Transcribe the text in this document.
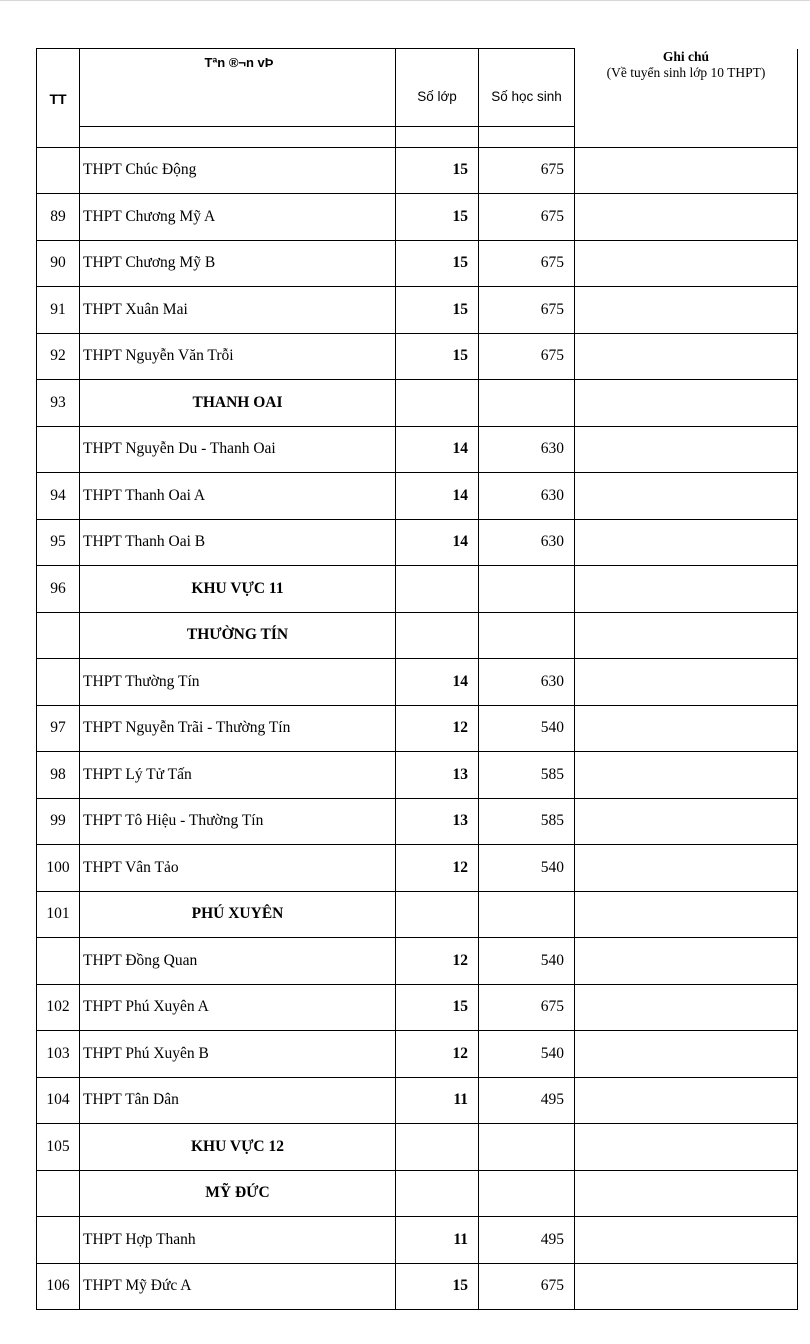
TT	Tªn ®¬n vÞ	Số lớp	Số học sinh	Ghi chú
(Về tuyển sinh lớp 10 THPT)

	THPT Chúc Động	15	675	
89	THPT Chương Mỹ A	15	675	
90	THPT Chương Mỹ B	15	675	
91	THPT Xuân Mai	15	675	
92	THPT Nguyễn Văn Trỗi	15	675	
93	THANH OAI			
	THPT Nguyễn Du - Thanh Oai	14	630	
94	THPT Thanh Oai A	14	630	
95	THPT Thanh Oai B	14	630	
96	KHU VỰC 11			
	THƯỜNG TÍN			
	THPT Thường Tín	14	630	
97	THPT Nguyễn Trãi - Thường Tín	12	540	
98	THPT Lý Tử Tấn	13	585	
99	THPT Tô Hiệu - Thường Tín	13	585	
100	THPT Vân Tảo	12	540	
101	PHÚ XUYÊN			
	THPT Đồng Quan	12	540	
102	THPT Phú Xuyên A	15	675	
103	THPT Phú Xuyên B	12	540	
104	THPT Tân Dân	11	495	
105	KHU VỰC 12			
	MỸ ĐỨC			
	THPT Hợp Thanh	11	495	
106	THPT Mỹ Đức A	15	675	
